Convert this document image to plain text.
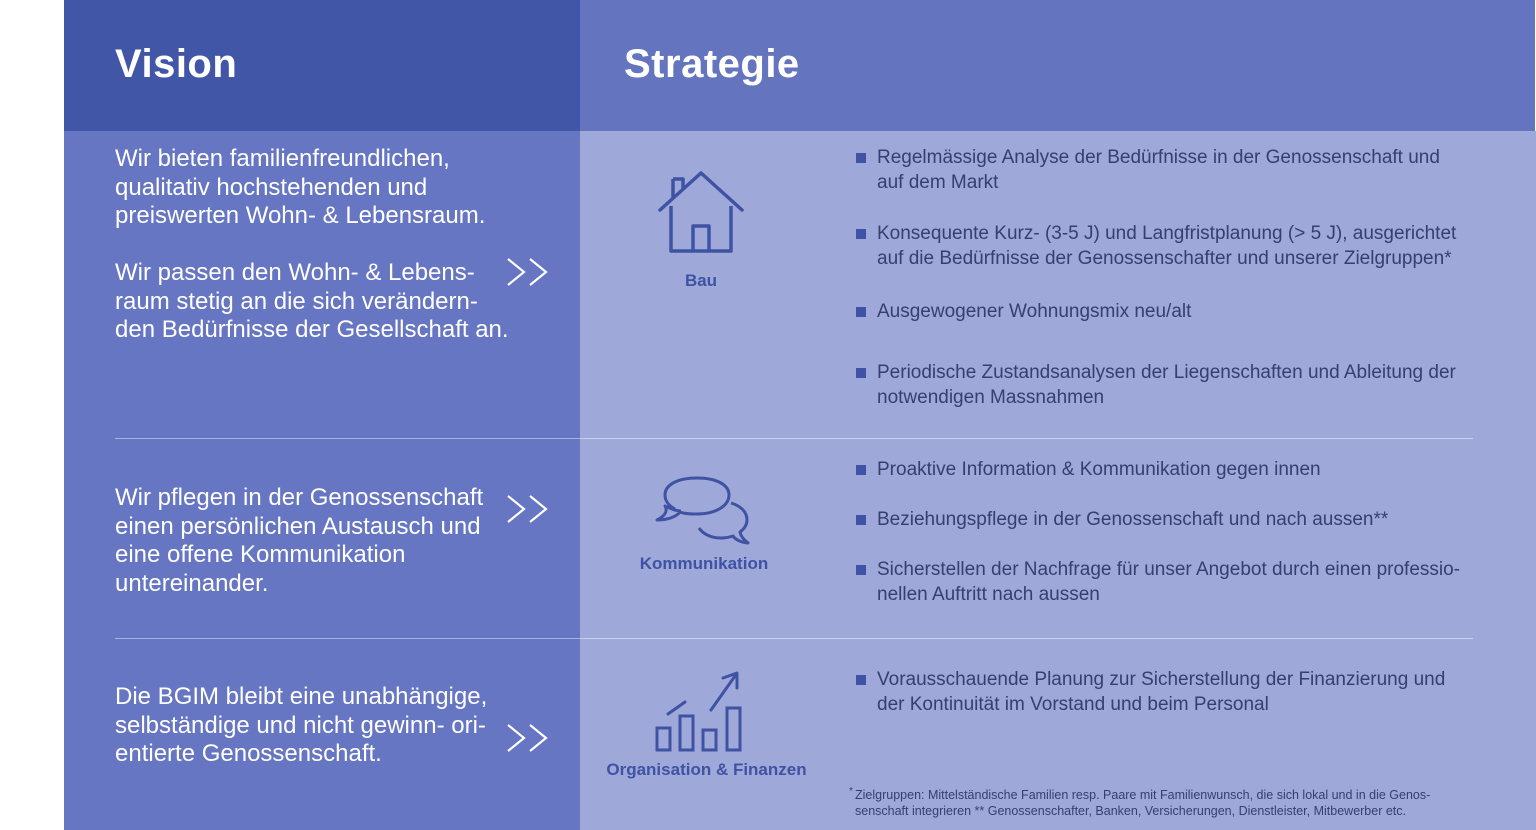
Vision	Strategie

Wir bieten familienfreundlichen, qualitativ hochstehenden und preiswerten Wohn- & Lebensraum.

Wir passen den Wohn- & Lebens-raum stetig an die sich verändern-den Bedürfnisse der Gesellschaft an.

Wir pflegen in der Genossenschaft einen persönlichen Austausch und eine offene Kommunikation untereinander.

Die BGIM bleibt eine unabhängige, selbständige und nicht gewinn- ori-entierte Genossenschaft.

Bau

Regelmässige Analyse der Bedürfnisse in der Genossenschaft und auf dem Markt
Konsequente Kurz- (3-5 J) und Langfristplanung (> 5 J), ausgerichtet auf die Bedürfnisse der Genossenschafter und unserer Zielgruppen*
Ausgewogener Wohnungsmix neu/alt
Periodische Zustandsanalysen der Liegenschaften und Ableitung der notwendigen Massnahmen

Kommunikation

Proaktive Information & Kommunikation gegen innen
Beziehungspflege in der Genossenschaft und nach aussen**
Sicherstellen der Nachfrage für unser Angebot durch einen professio-nellen Auftritt nach aussen

Organisation & Finanzen

Vorausschauende Planung zur Sicherstellung der Finanzierung und der Kontinuität im Vorstand und beim Personal

* Zielgruppen: Mittelständische Familien resp. Paare mit Familienwunsch, die sich lokal und in die Genos-senschaft integrieren ** Genossenschafter, Banken, Versicherungen, Dienstleister, Mitbewerber etc.
